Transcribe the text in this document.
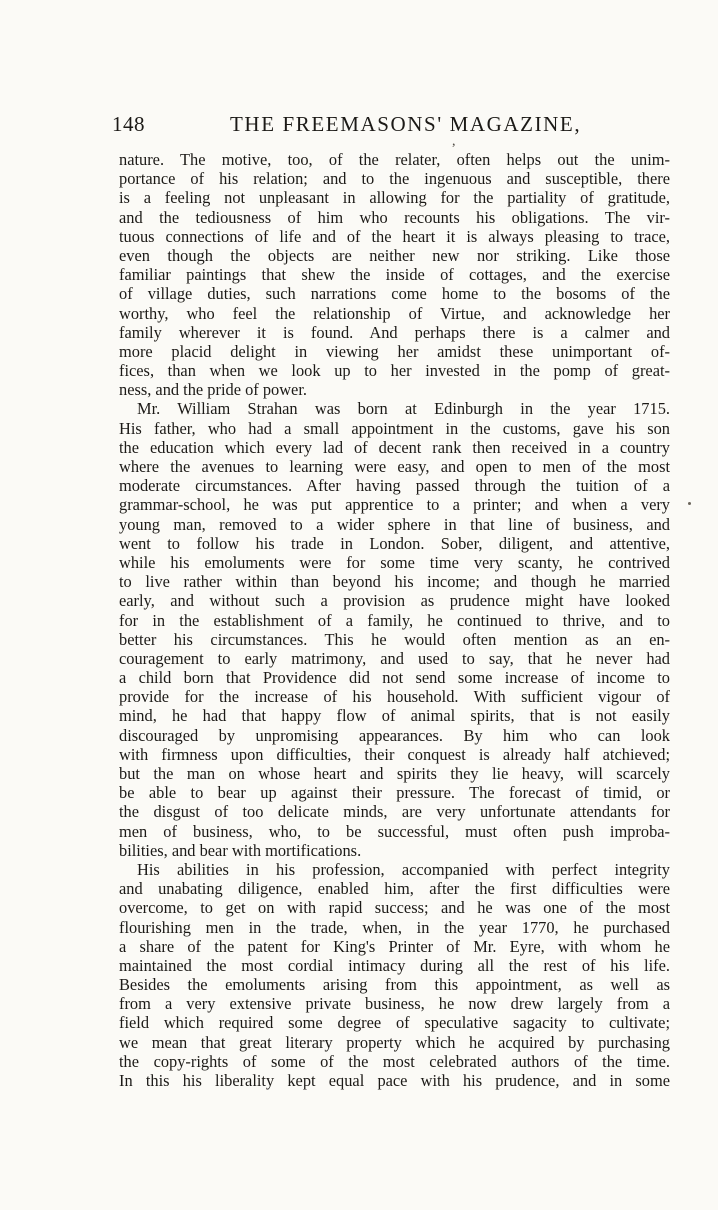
148	THE FREEMASONS' MAGAZINE,
,
nature. The motive, too, of the relater, often helps out the unim-
portance of his relation; and to the ingenuous and susceptible, there
is a feeling not unpleasant in allowing for the partiality of gratitude,
and the tediousness of him who recounts his obligations. The vir-
tuous connections of life and of the heart it is always pleasing to trace,
even though the objects are neither new nor striking. Like those
familiar paintings that shew the inside of cottages, and the exercise
of village duties, such narrations come home to the bosoms of the
worthy, who feel the relationship of Virtue, and acknowledge her
family wherever it is found. And perhaps there is a calmer and
more placid delight in viewing her amidst these unimportant of-
fices, than when we look up to her invested in the pomp of great-
ness, and the pride of power.
Mr. William Strahan was born at Edinburgh in the year 1715.
His father, who had a small appointment in the customs, gave his son
the education which every lad of decent rank then received in a country
where the avenues to learning were easy, and open to men of the most
moderate circumstances. After having passed through the tuition of a
grammar-school, he was put apprentice to a printer; and when a very
young man, removed to a wider sphere in that line of business, and
went to follow his trade in London. Sober, diligent, and attentive,
while his emoluments were for some time very scanty, he contrived
to live rather within than beyond his income; and though he married
early, and without such a provision as prudence might have looked
for in the establishment of a family, he continued to thrive, and to
better his circumstances. This he would often mention as an en-
couragement to early matrimony, and used to say, that he never had
a child born that Providence did not send some increase of income to
provide for the increase of his household. With sufficient vigour of
mind, he had that happy flow of animal spirits, that is not easily
discouraged by unpromising appearances. By him who can look
with firmness upon difficulties, their conquest is already half atchieved;
but the man on whose heart and spirits they lie heavy, will scarcely
be able to bear up against their pressure. The forecast of timid, or
the disgust of too delicate minds, are very unfortunate attendants for
men of business, who, to be successful, must often push improba-
bilities, and bear with mortifications.
His abilities in his profession, accompanied with perfect integrity
and unabating diligence, enabled him, after the first difficulties were
overcome, to get on with rapid success; and he was one of the most
flourishing men in the trade, when, in the year 1770, he purchased
a share of the patent for King's Printer of Mr. Eyre, with whom he
maintained the most cordial intimacy during all the rest of his life.
Besides the emoluments arising from this appointment, as well as
from a very extensive private business, he now drew largely from a
field which required some degree of speculative sagacity to cultivate;
we mean that great literary property which he acquired by purchasing
the copy-rights of some of the most celebrated authors of the time.
In this his liberality kept equal pace with his prudence, and in some
